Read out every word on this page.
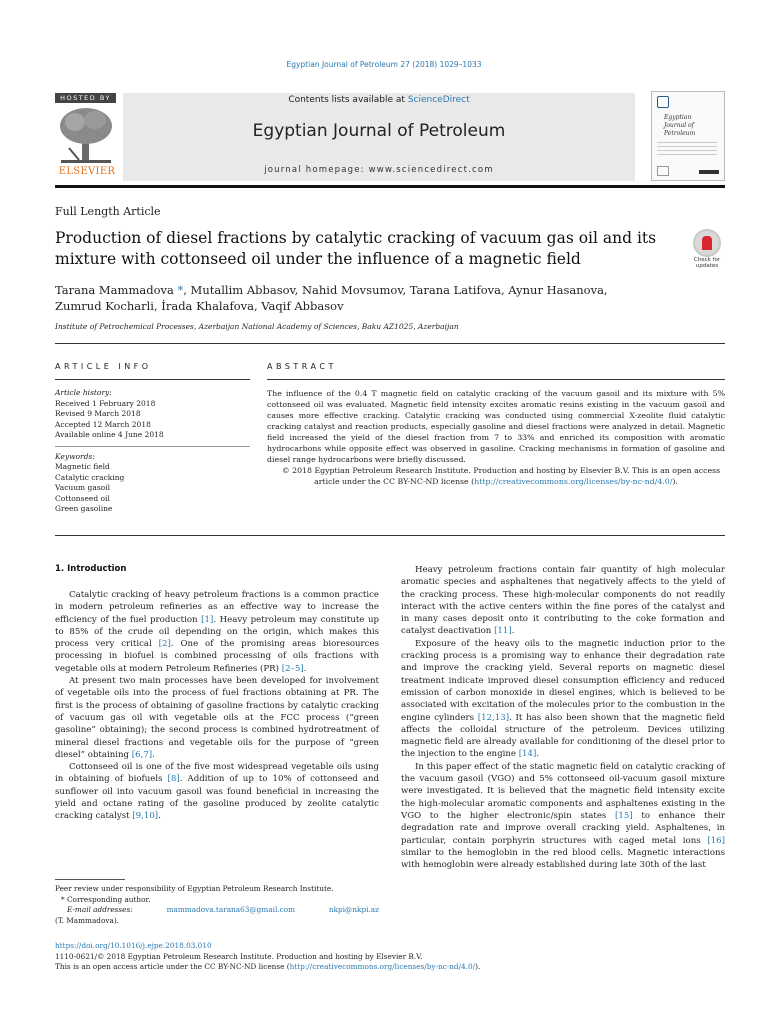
Egyptian Journal of Petroleum 27 (2018) 1029–1033
HOSTED BY
ELSEVIER
Contents lists available at ScienceDirect
Egyptian Journal of Petroleum
journal homepage: www.sciencedirect.com
Egyptian
Journal of
Petroleum
Full Length Article
Production of diesel fractions by catalytic cracking of vacuum gas oil and its mixture with cottonseed oil under the influence of a magnetic field	Check for
updates
Tarana Mammadova *, Mutallim Abbasov, Nahid Movsumov, Tarana Latifova, Aynur Hasanova,
Zumrud Kocharli, İrada Khalafova, Vaqif Abbasov
Institute of Petrochemical Processes, Azerbaijan National Academy of Sciences, Baku AZ1025, Azerbaijan
ARTICLE INFO	ABSTRACT
Article history:
Received 1 February 2018
Revised 9 March 2018
Accepted 12 March 2018
Available online 4 June 2018
Keywords:
Magnetic field
Catalytic cracking
Vacuum gasoil
Cottonseed oil
Green gasoline
The influence of the 0.4 T magnetic field on catalytic cracking of the vacuum gasoil and its mixture with 5% cottonseed oil was evaluated. Magnetic field intensity excites aromatic resins existing in the vacuum gasoil and causes more effective cracking. Catalytic cracking was conducted using commercial X-zeolite fluid catalytic cracking catalyst and reaction products, especially gasoline and diesel fractions were analyzed in detail. Magnetic field increased the yield of the diesel fraction from 7 to 33% and enriched its composition with aromatic hydrocarbons while opposite effect was observed in gasoline. Cracking mechanisms in formation of gasoline and diesel range hydrocarbons were briefly discussed.
© 2018 Egyptian Petroleum Research Institute. Production and hosting by Elsevier B.V. This is an open access article under the CC BY-NC-ND license (http://creativecommons.org/licenses/by-nc-nd/4.0/).
1. Introduction

Catalytic cracking of heavy petroleum fractions is a common practice in modern petroleum refineries as an effective way to increase the efficiency of the fuel production [1]. Heavy petroleum may constitute up to 85% of the crude oil depending on the origin, which makes this process very critical [2]. One of the promising areas bioresources processing in biofuel is combined processing of oils fractions with vegetable oils at modern Petroleum Refineries (PR) [2–5].

At present two main processes have been developed for involvement of vegetable oils into the process of fuel fractions obtaining at PR. The first is the process of obtaining of gasoline fractions by catalytic cracking of vacuum gas oil with vegetable oils at the FCC process (“green gasoline” obtaining); the second process is combined hydrotreatment of mineral diesel fractions and vegetable oils for the purpose of “green diesel” obtaining [6,7].

Cottonseed oil is one of the five most widespread vegetable oils using in obtaining of biofuels [8]. Addition of up to 10% of cottonseed and sunflower oil into vacuum gasoil was found beneficial in increasing the yield and octane rating of the gasoline produced by zeolite catalytic cracking catalyst [9,10].

Heavy petroleum fractions contain fair quantity of high molecular aromatic species and asphaltenes that negatively affects to the yield of the cracking process. These high-molecular components do not readily interact with the active centers within the fine pores of the catalyst and in many cases deposit onto it contributing to the coke formation and catalyst deactivation [11].

Exposure of the heavy oils to the magnetic induction prior to the cracking process is a promising way to enhance their degradation rate and improve the cracking yield. Several reports on magnetic diesel treatment indicate improved diesel consumption efficiency and reduced emission of carbon monoxide in diesel engines, which is believed to be associated with excitation of the molecules prior to the combustion in the engine cylinders [12,13]. It has also been shown that the magnetic field affects the colloidal structure of the petroleum. Devices utilizing magnetic field are already available for conditioning of the diesel prior to the injection to the engine [14].

In this paper effect of the static magnetic field on catalytic cracking of the vacuum gasoil (VGO) and 5% cottonseed oil-vacuum gasoil mixture were investigated. It is believed that the magnetic field intensity excite the high-molecular aromatic components and asphaltenes existing in the VGO to the higher electronic/spin states [15] to enhance their degradation rate and improve overall cracking yield. Asphaltenes, in particular, contain porphyrin structures with caged metal ions [16] similar to the hemoglobin in the red blood cells. Magnetic interactions with hemoglobin were already established during late 30th of the last

Peer review under responsibility of Egyptian Petroleum Research Institute.
* Corresponding author.
E-mail addresses:	mammadova.tarana63@gmail.com	nkpi@nkpi.az
(T. Mammadova).
https://doi.org/10.1016/j.ejpe.2018.03.010
1110-0621/© 2018 Egyptian Petroleum Research Institute. Production and hosting by Elsevier B.V.
This is an open access article under the CC BY-NC-ND license (http://creativecommons.org/licenses/by-nc-nd/4.0/).
